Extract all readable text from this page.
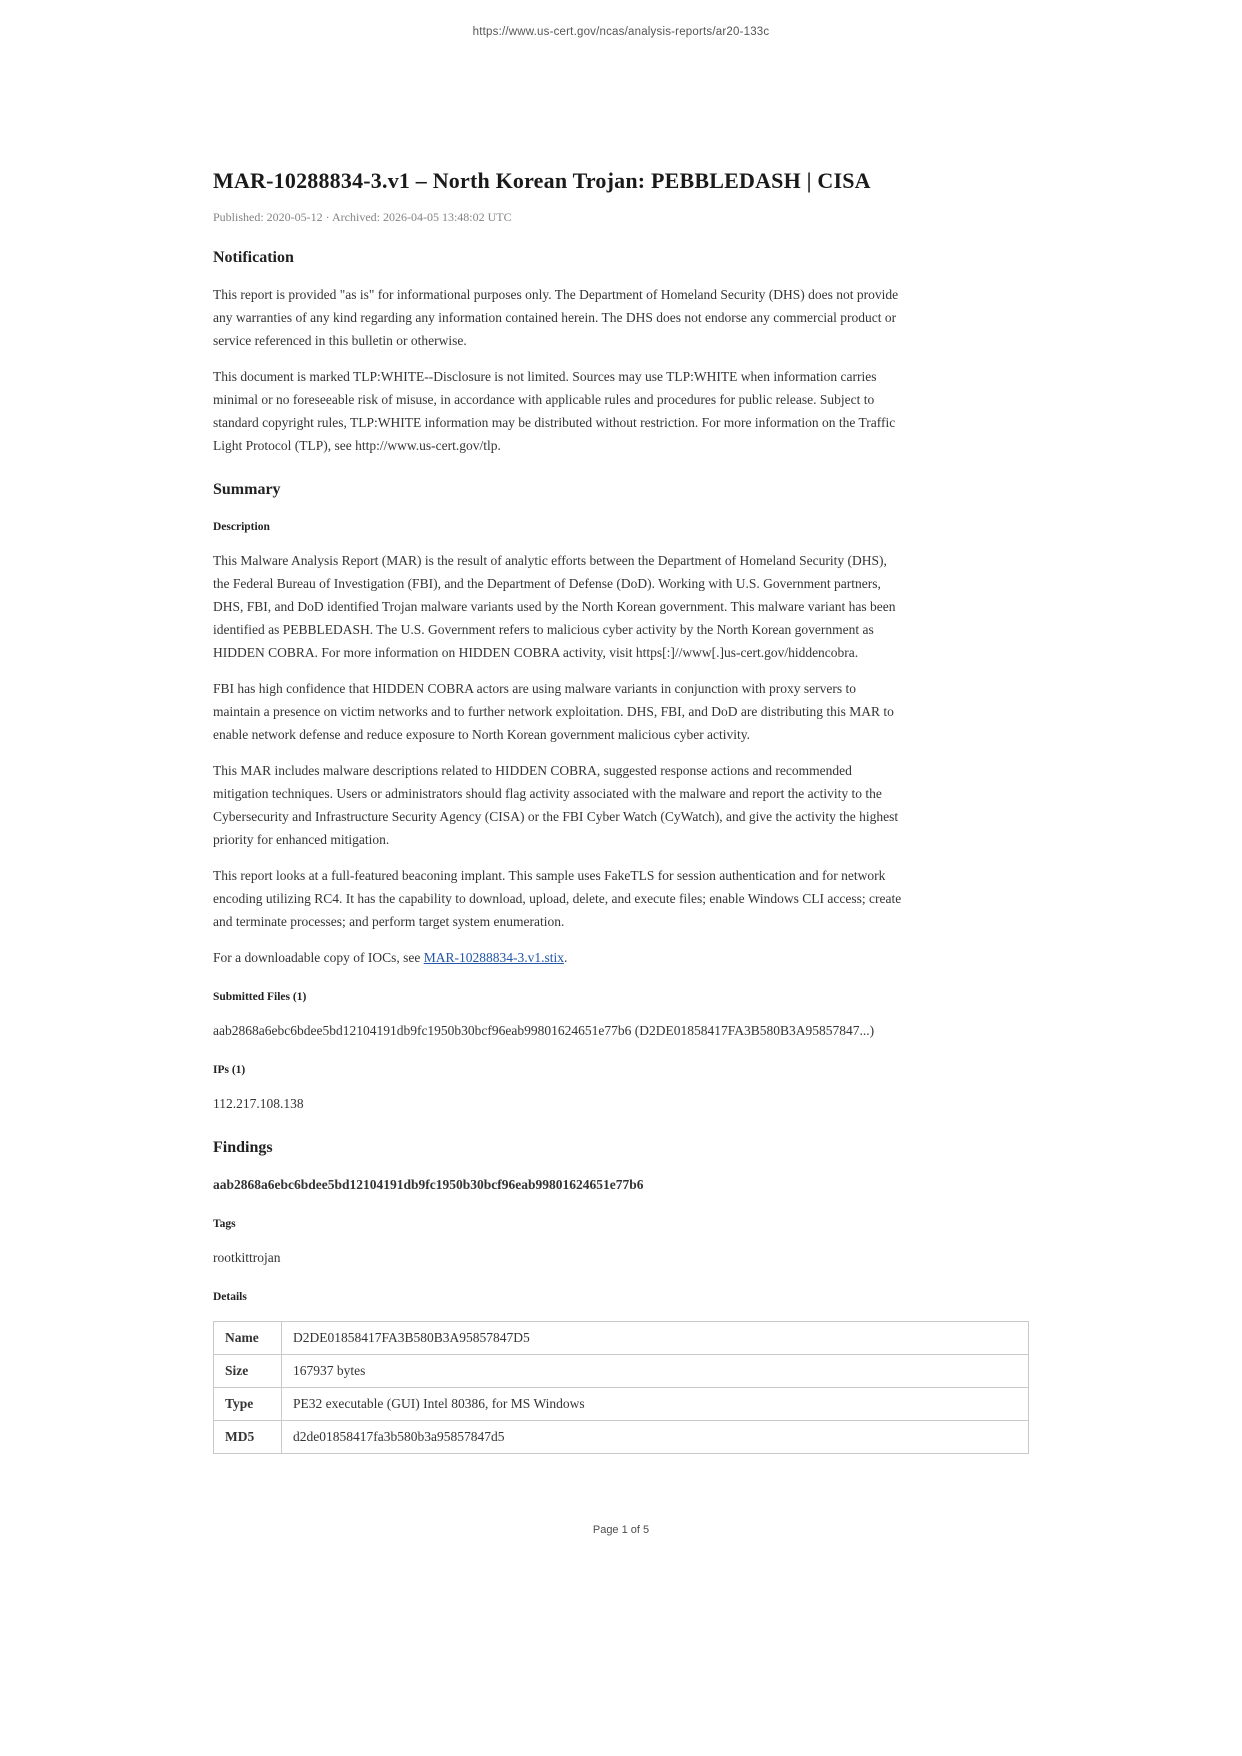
https://www.us-cert.gov/ncas/analysis-reports/ar20-133c
MAR-10288834-3.v1 – North Korean Trojan: PEBBLEDASH | CISA
Published: 2020-05-12 · Archived: 2026-04-05 13:48:02 UTC
Notification

This report is provided "as is" for informational purposes only. The Department of Homeland Security (DHS) does not provide any warranties of any kind regarding any information contained herein. The DHS does not endorse any commercial product or service referenced in this bulletin or otherwise.

This document is marked TLP:WHITE--Disclosure is not limited. Sources may use TLP:WHITE when information carries minimal or no foreseeable risk of misuse, in accordance with applicable rules and procedures for public release. Subject to standard copyright rules, TLP:WHITE information may be distributed without restriction. For more information on the Traffic Light Protocol (TLP), see http://www.us-cert.gov/tlp.

Summary
Description

This Malware Analysis Report (MAR) is the result of analytic efforts between the Department of Homeland Security (DHS), the Federal Bureau of Investigation (FBI), and the Department of Defense (DoD). Working with U.S. Government partners, DHS, FBI, and DoD identified Trojan malware variants used by the North Korean government. This malware variant has been identified as PEBBLEDASH. The U.S. Government refers to malicious cyber activity by the North Korean government as HIDDEN COBRA. For more information on HIDDEN COBRA activity, visit https[:]//www[.]us-cert.gov/hiddencobra.

FBI has high confidence that HIDDEN COBRA actors are using malware variants in conjunction with proxy servers to maintain a presence on victim networks and to further network exploitation. DHS, FBI, and DoD are distributing this MAR to enable network defense and reduce exposure to North Korean government malicious cyber activity.

This MAR includes malware descriptions related to HIDDEN COBRA, suggested response actions and recommended mitigation techniques. Users or administrators should flag activity associated with the malware and report the activity to the Cybersecurity and Infrastructure Security Agency (CISA) or the FBI Cyber Watch (CyWatch), and give the activity the highest priority for enhanced mitigation.

This report looks at a full-featured beaconing implant. This sample uses FakeTLS for session authentication and for network encoding utilizing RC4. It has the capability to download, upload, delete, and execute files; enable Windows CLI access; create and terminate processes; and perform target system enumeration.

For a downloadable copy of IOCs, see MAR-10288834-3.v1.stix.

Submitted Files (1)

aab2868a6ebc6bdee5bd12104191db9fc1950b30bcf96eab99801624651e77b6 (D2DE01858417FA3B580B3A95857847...)

IPs (1)

112.217.108.138

Findings

aab2868a6ebc6bdee5bd12104191db9fc1950b30bcf96eab99801624651e77b6

Tags

rootkittrojan

Details
Name	D2DE01858417FA3B580B3A95857847D5
Size	167937 bytes
Type	PE32 executable (GUI) Intel 80386, for MS Windows
MD5	d2de01858417fa3b580b3a95857847d5
Page 1 of 5
